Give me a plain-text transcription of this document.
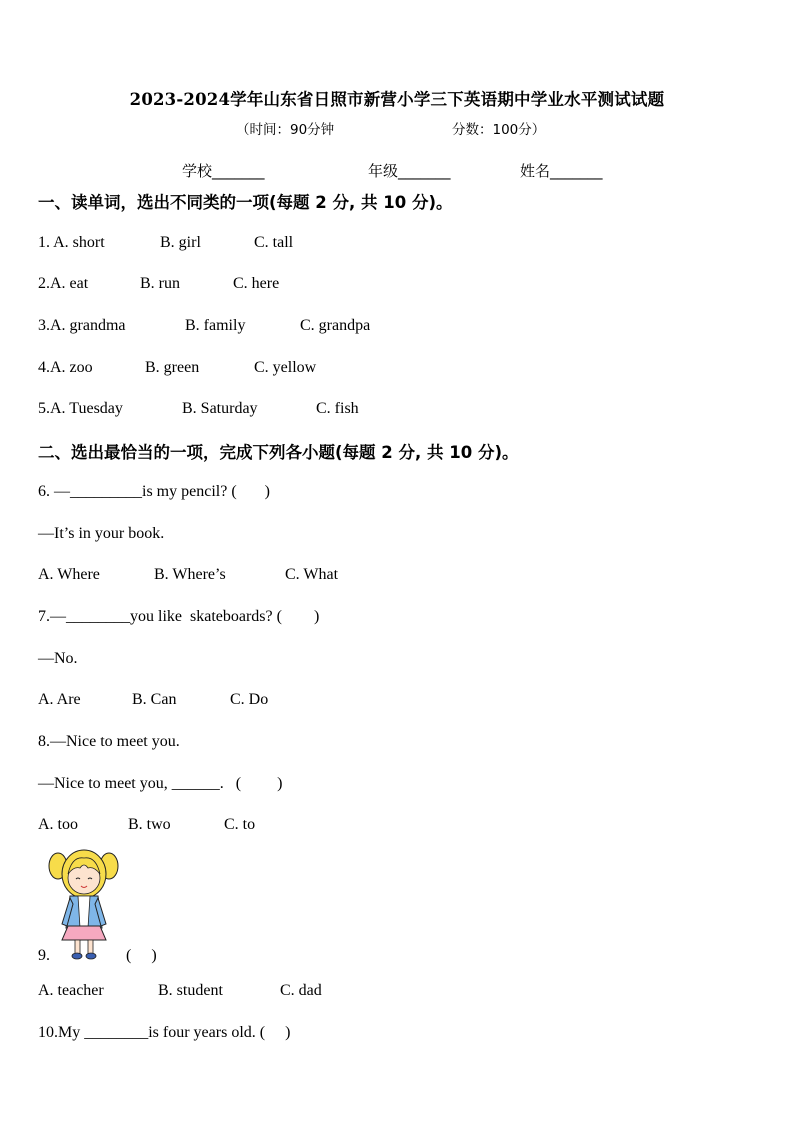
2023-2024学年山东省日照市新营小学三下英语期中学业水平测试试题
（时间：90分钟	分数：100分）
学校_______	年级_______	姓名_______
一、读单词，选出不同类的一项(每题 2 分, 共 10 分)。
1. A. short	B. girl	C. tall
2.A. eat	B. run	C. here
3.A. grandma	B. family	C. grandpa
4.A. zoo	B. green	C. yellow
5.A. Tuesday	B. Saturday	C. fish
二、选出最恰当的一项，完成下列各小题(每题 2 分, 共 10 分)。
6. —_________is my pencil? (       )
—It’s in your book.
A. Where	B. Where’s	C. What
7.—________you like  skateboards? (        )
—No.
A. Are	B. Can	C. Do
8.—Nice to meet you.
—Nice to meet you, ______.   (         )
A. too	B. two	C. to
9.	(     )
A. teacher	B. student	C. dad
10.My ________is four years old. (     )
